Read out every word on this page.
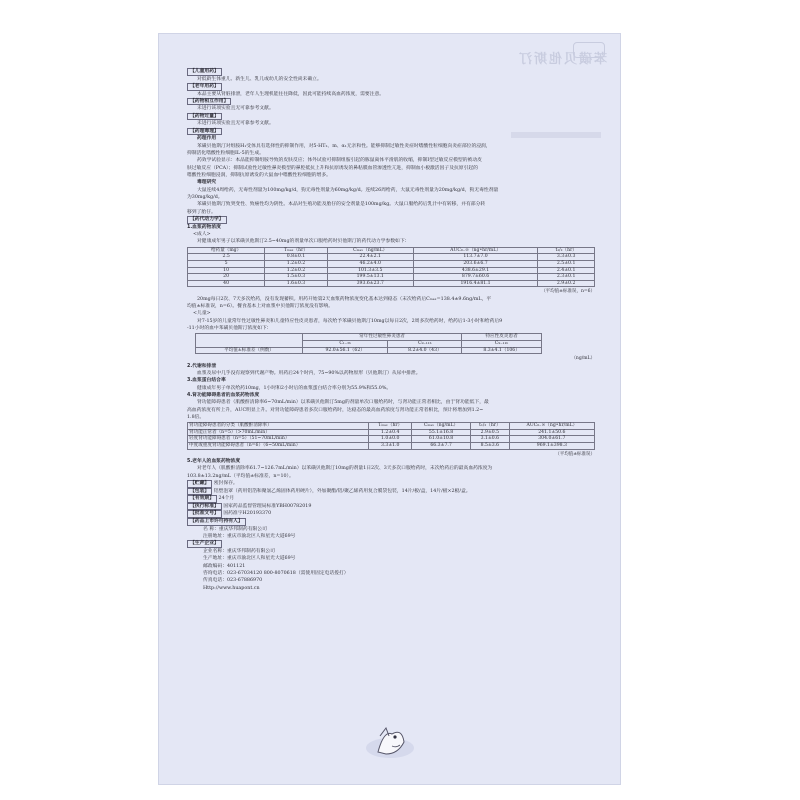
苯磺贝他斯汀
【儿童用药】
对低龄生体重儿、新生儿、乳儿或幼儿的安全性尚未确立。
【老年用药】
本品主要从肾脏排泄，老年人生理机能往往降低，因此可能持续高血药浓度，需要注意。
【药物相互作用】
未进行该项实验且无可靠参考文献。
【药物过量】
未进行该项实验且无可靠参考文献。
【药理毒理】
药理作用
苯磺贝他斯汀对组胺H₁受体具有选择性的抑制作用，对5-HT₂、m、α₁无亲和性。能够抑制过敏性炎症时嗜酸性粒细胞向炎症部位的浸润，
抑制活化嗜酸性粒细胞IL-5的生成。
药效学试验显示：本品能抑制组胺导致的皮肤反应；体外试验可抑制组胺引起的豚鼠离体平滑肌的收缩，抑制Ⅰ型过敏反应模型的被动皮
肤过敏反应（PCA）；抑制试验性过敏性鼻炎模型的鼻腔抵抗上升和抗原诱发的鼻粘膜血管渗透性亢进，抑制血小板激活因子及抗原引起的
嗜酸性粒细胞浸润，抑制抗原诱发的大鼠血中嗜酸性粒细胞的增多。
毒理研究
大鼠连续4周给药，无毒性剂量为100mg/kg/d，狗无毒性剂量为60mg/kg/d。连续26周给药，大鼠无毒性剂量为20mg/kg/d，狗无毒性剂量
为30mg/kg/d。
苯磺贝他斯汀致突变性、致癌性均为阴性。本品对生殖功能及胎仔的安全剂量是100mg/kg。大鼠口服给药后乳汁中有转移，并有部分转
移到了胎仔。
【药代动力学】
1.血浆药物浓度
<成人>
对健康成年男子以苯磺贝他斯汀2.5~40mg的剂量单次口服给药时贝他斯汀的药代动力学参数如下：
给药量（mg）	Tₘₐₓ（hr）	Cₘₐₓ（ng/mL）	AUC₀₋∞（ng•hr/mL）	t₁/₂（hr）
2.5	0.8±0.1	22.4±2.1	113.7±7.0	3.3±0.3
5	1.2±0.2	46.2±4.0	203.6±6.7	2.5±0.1
10	1.2±0.2	101.3±3.5	438.6±29.1	2.4±0.1
20	1.5±0.3	199.5±13.1	879.7±60.6	2.3±0.1
40	1.6±0.3	393.6±23.7	1916.4±81.1	2.9±0.2
（平均值±标准误，n=6）
20mg每日2次、7天多次给药，没有发现蓄积。用药开始第2天血浆药物浓度变化基本达到稳态（末次给药后Cₘₐₓ=138.4±9.6ng/mL，平
均值±标准误，n=6）。餐食基本上对血浆中贝他斯汀浓度没有影响。
<儿童>
对7-15岁的儿童常年性过敏性鼻炎和儿童特应性皮炎患者，每次给予苯磺贝他斯汀10mg以每日2次，2周多次给药时，给药后1-3小时和给药后9
-11小时的血中苯磺贝他斯汀浓度如下：
	常年性过敏性鼻炎患者		特应性皮炎患者
	C₁₋₃ₕ	C₉₋₁₁ₕ	C₉₋₁₁ₕ
平均值±标准差（例数）	92.0±56.1（62）	8.2±4.0（43）	8.3±4.1（106）
（ng/mL）
2.代谢和排泄
血浆及尿中几乎没有观察到代谢产物。用药后24个时内，75~90%以药物原形（贝他斯汀）从尿中排泄。
3.血浆蛋白结合率
健康成年男子单次给药10mg，1小时和2小时后的血浆蛋白结合率分别为55.9%和55.0%。
4.肾功能障碍患者的血浆药物浓度
肾功能障碍患者（肌酸酐清除率6~70mL/min）以苯磺贝他斯汀5mg的剂量单次口服给药时，与肾功能正常者相比，由于肾功能低下，最
高血药浓度有所上升，AUC明显上升。对肾功能障碍患者多次口服给药时，达稳态的最高血药浓度与肾功能正常者相比，预计将增加到1.2~
1.8倍。
肾功能障碍患者的分类（肌酸酐清除率）	Tₘₐₓ（hr）	Cₘₐₓ（ng/mL）	t₁/₂（hr）	AUC₀₋∞（ng•hr/mL）
肾功能正常者（n=5）（>70mL/min）	1.2±0.4	55.1±16.8	2.9±0.5	241.1±50.6
轻度肾功能障碍患者（n=5）（51~70mL/min）	1.0±0.0	61.0±10.8	3.1±0.6	304.0±61.7
中度或重度肾功能障碍患者（n=6）（6~50mL/min）	3.3±1.0	66.3±7.7	8.5±3.6	969.1±398.3
（平均值±标准误）
5.老年人的血浆药物浓度
对老年人（肌酸酐清除率61.7~126.7mL/min）以苯磺贝他斯汀10mg的剂量1日2次、3天多次口服给药时，末次给药后的最高血药浓度为
103.8±13.2ng/mL（平均值±标准差，n=10）。
【贮藏】 密封保存。
【包装】 铝塑泡罩（药用铝箔和聚氯乙烯固体药用硬片），外加聚酯/铝/聚乙烯药用复合膜袋包装，14片/板/盒，14片/板×2板/盒。
【有效期】 24个月
【执行标准】 国家药品监督管理局标准YBH00782019
【批准文号】 国药准字H20193370
【药品上市许可持有人】
名 称：重庆华邦制药有限公司
注册地址：重庆市渝北区人和星光大道69号
【生产企业】
企业名称：重庆华邦制药有限公司
生产地址：重庆市渝北区人和星光大道69号
邮政编码：401121
咨询电话：023-67034120 800-8070618（需使用固定电话拨打）
传真电话：023-67886970
Http://www.huapont.cn
